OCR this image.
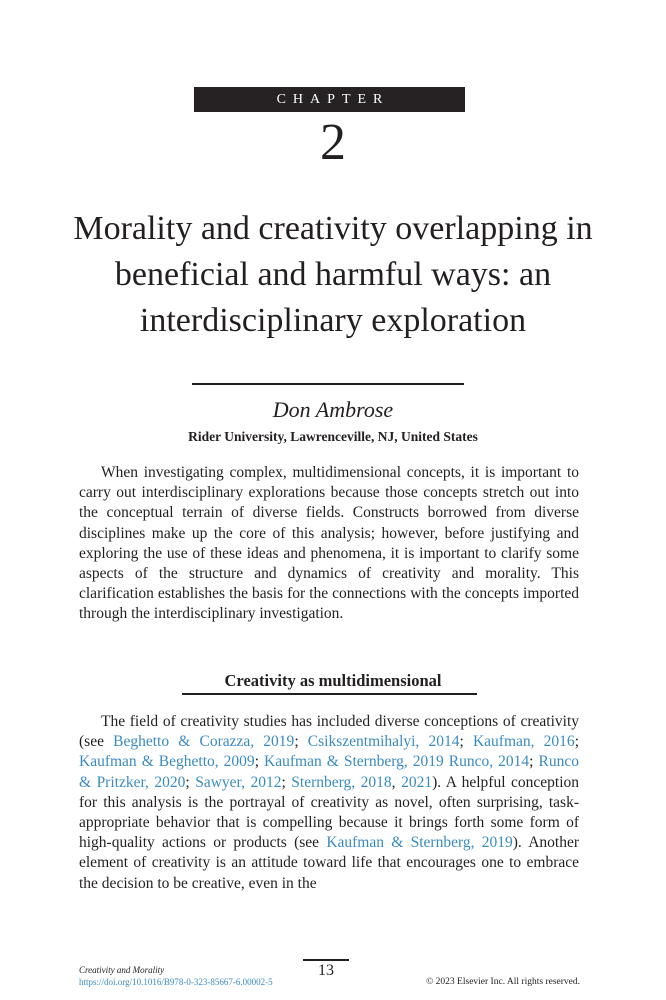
CHAPTER
2
Morality and creativity overlapping in beneficial and harmful ways: an interdisciplinary exploration
Don Ambrose
Rider University, Lawrenceville, NJ, United States

When investigating complex, multidimensional concepts, it is important to carry out interdisciplinary explorations because those concepts stretch out into the conceptual terrain of diverse fields. Constructs borrowed from diverse disciplines make up the core of this analysis; however, before justifying and exploring the use of these ideas and phenomena, it is important to clarify some aspects of the structure and dynamics of creativity and morality. This clarification establishes the basis for the connections with the concepts imported through the interdisciplinary investigation.

Creativity as multidimensional

The field of creativity studies has included diverse conceptions of creativity (see Beghetto & Corazza, 2019; Csikszentmihalyi, 2014; Kaufman, 2016; Kaufman & Beghetto, 2009; Kaufman & Sternberg, 2019 Runco, 2014; Runco & Pritzker, 2020; Sawyer, 2012; Sternberg, 2018, 2021). A helpful conception for this analysis is the portrayal of creativity as novel, often surprising, task-appropriate behavior that is compelling because it brings forth some form of high-quality actions or products (see Kaufman & Sternberg, 2019). Another element of creativity is an attitude toward life that encourages one to embrace the decision to be creative, even in the

Creativity and Morality
https://doi.org/10.1016/B978-0-323-85667-6.00002-5
13
© 2023 Elsevier Inc. All rights reserved.
